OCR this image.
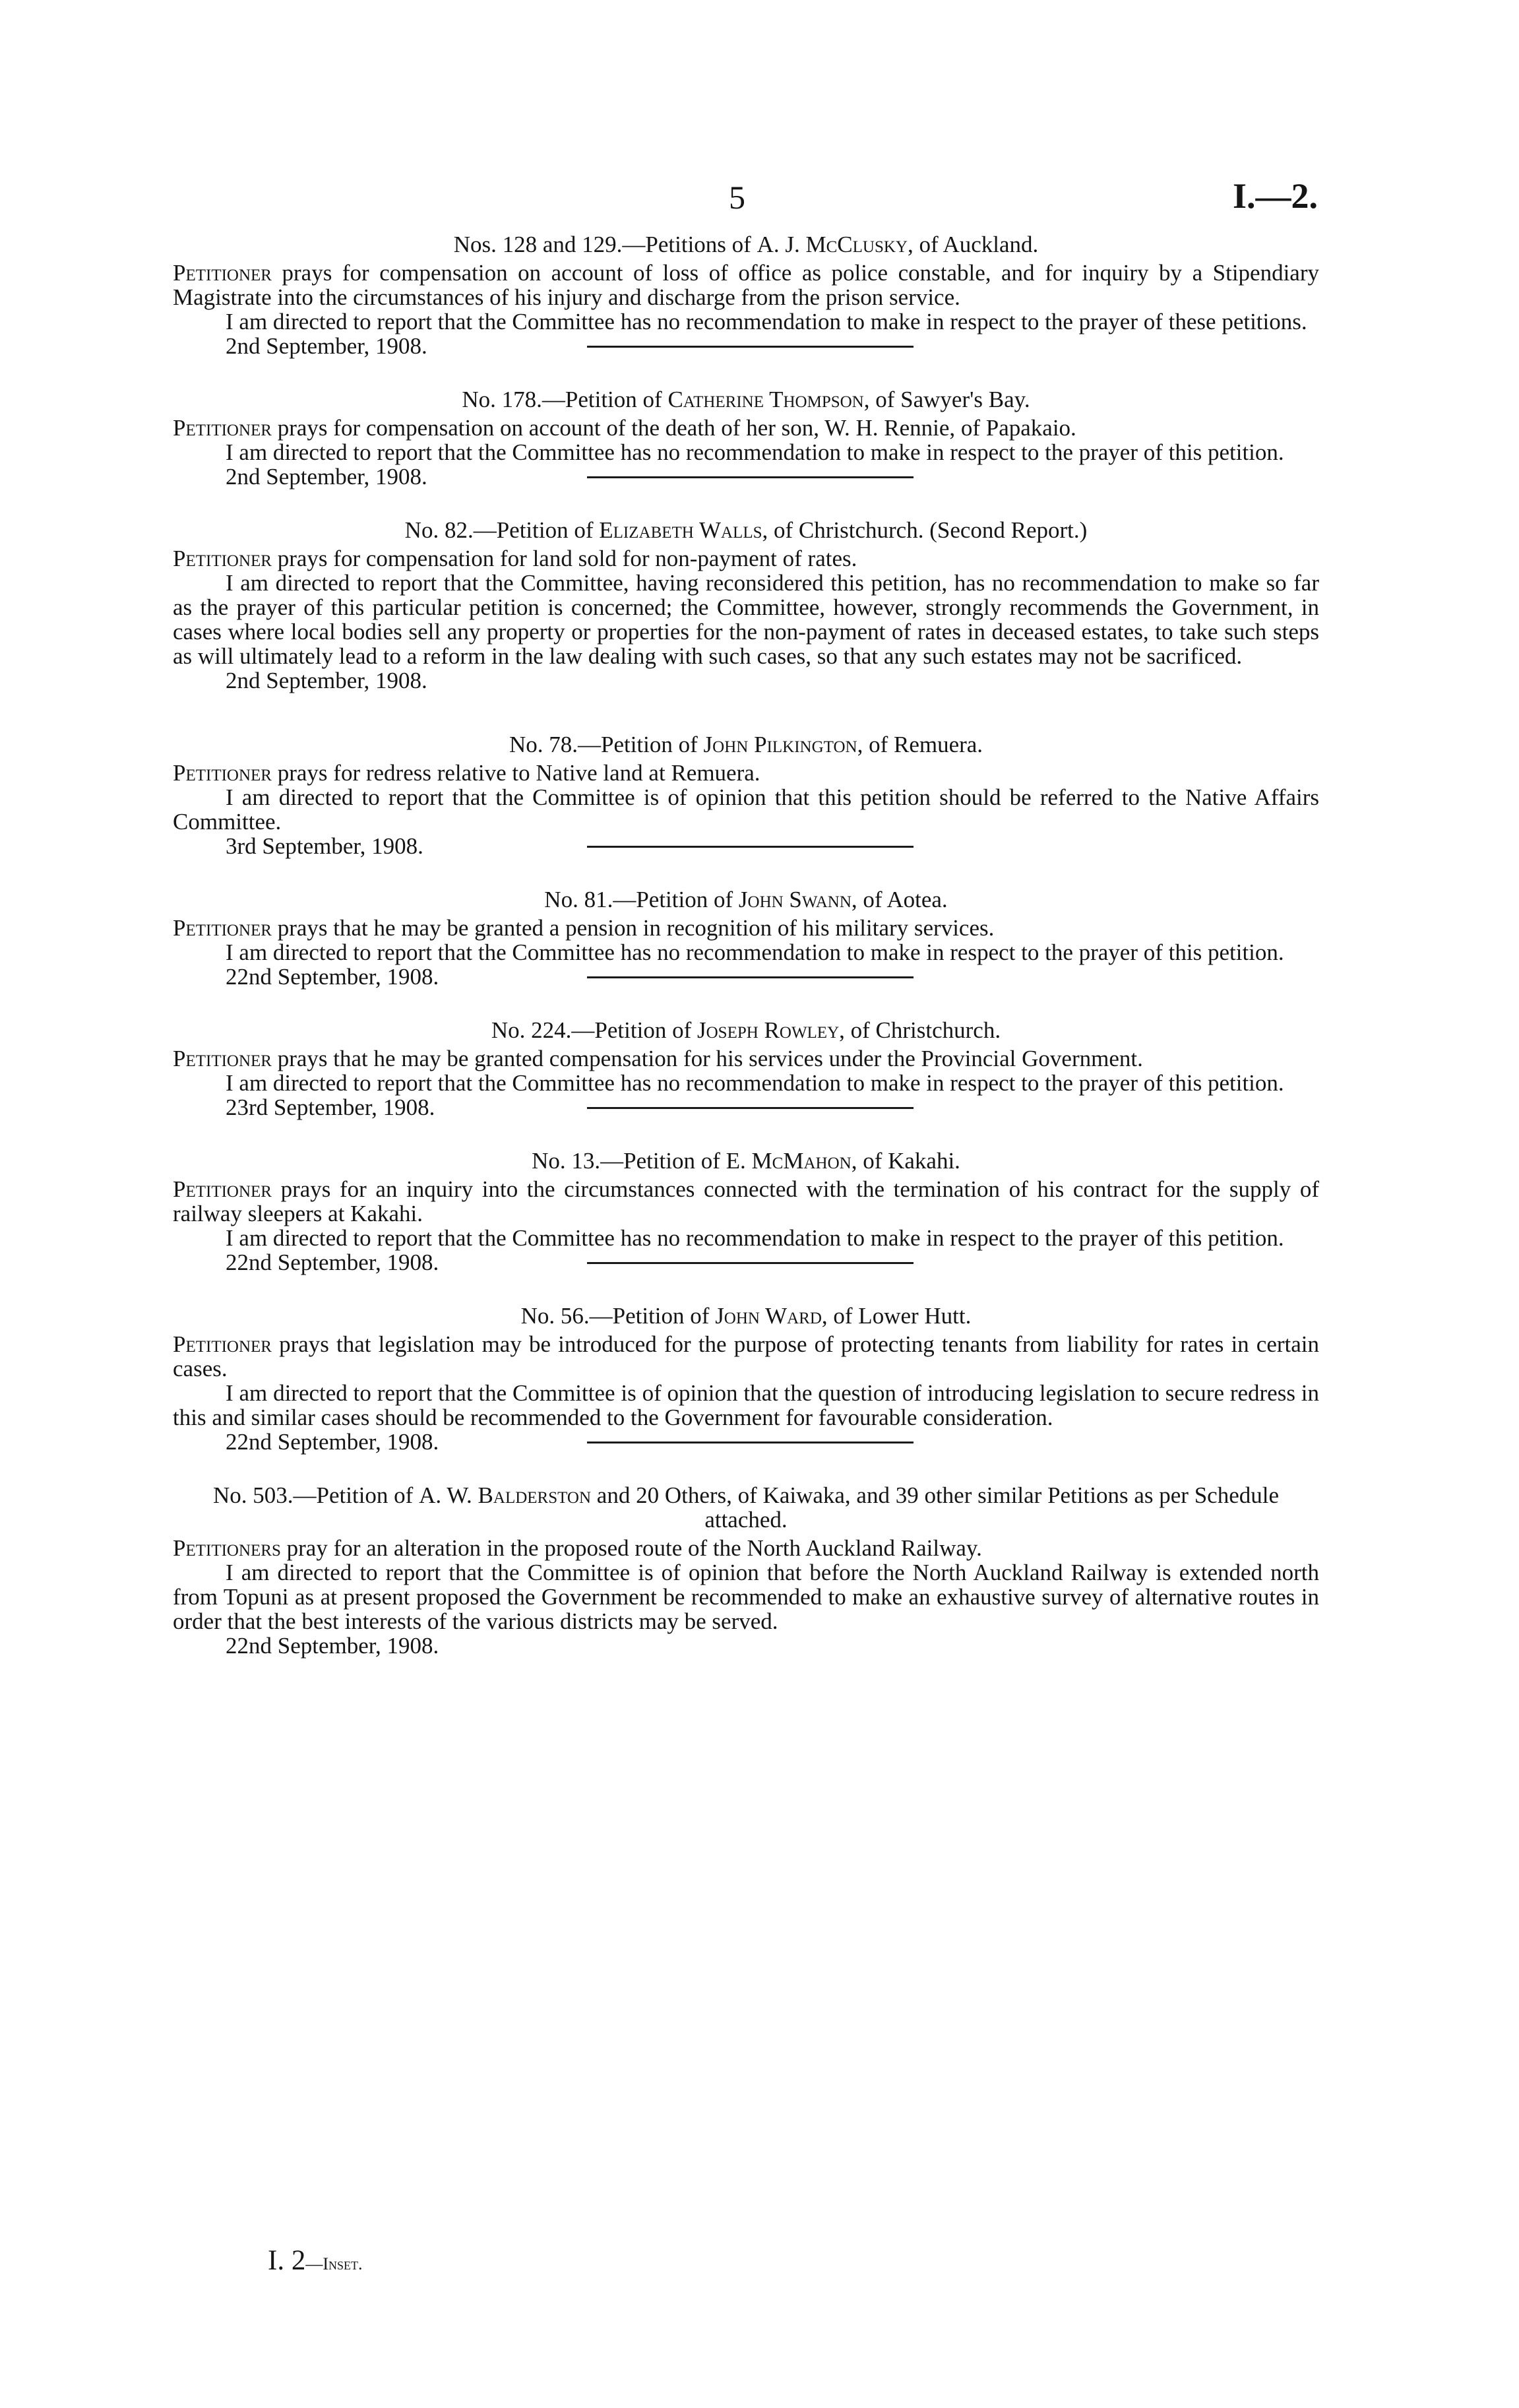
5	I.—2.
Nos. 128 and 129.—Petitions of A. J. McClusky, of Auckland.

Petitioner prays for compensation on account of loss of office as police constable, and for inquiry by a Stipendiary Magistrate into the circumstances of his injury and discharge from the prison service.

I am directed to report that the Committee has no recommendation to make in respect to the prayer of these petitions.

2nd September, 1908.
No. 178.—Petition of Catherine Thompson, of Sawyer's Bay.

Petitioner prays for compensation on account of the death of her son, W. H. Rennie, of Papakaio.

I am directed to report that the Committee has no recommendation to make in respect to the prayer of this petition.

2nd September, 1908.
No. 82.—Petition of Elizabeth Walls, of Christchurch. (Second Report.)

Petitioner prays for compensation for land sold for non-payment of rates.

I am directed to report that the Committee, having reconsidered this petition, has no recommendation to make so far as the prayer of this particular petition is concerned; the Committee, however, strongly recommends the Government, in cases where local bodies sell any property or properties for the non-payment of rates in deceased estates, to take such steps as will ultimately lead to a reform in the law dealing with such cases, so that any such estates may not be sacrificed.

2nd September, 1908.
No. 78.—Petition of John Pilkington, of Remuera.

Petitioner prays for redress relative to Native land at Remuera.

I am directed to report that the Committee is of opinion that this petition should be referred to the Native Affairs Committee.

3rd September, 1908.
No. 81.—Petition of John Swann, of Aotea.

Petitioner prays that he may be granted a pension in recognition of his military services.

I am directed to report that the Committee has no recommendation to make in respect to the prayer of this petition.

22nd September, 1908.
No. 224.—Petition of Joseph Rowley, of Christchurch.

Petitioner prays that he may be granted compensation for his services under the Provincial Government.

I am directed to report that the Committee has no recommendation to make in respect to the prayer of this petition.

23rd September, 1908.
No. 13.—Petition of E. McMahon, of Kakahi.

Petitioner prays for an inquiry into the circumstances connected with the termination of his contract for the supply of railway sleepers at Kakahi.

I am directed to report that the Committee has no recommendation to make in respect to the prayer of this petition.

22nd September, 1908.
No. 56.—Petition of John Ward, of Lower Hutt.

Petitioner prays that legislation may be introduced for the purpose of protecting tenants from liability for rates in certain cases.

I am directed to report that the Committee is of opinion that the question of introducing legislation to secure redress in this and similar cases should be recommended to the Government for favourable consideration.

22nd September, 1908.
No. 503.—Petition of A. W. Balderston and 20 Others, of Kaiwaka, and 39 other similar Petitions as per Schedule attached.

Petitioners pray for an alteration in the proposed route of the North Auckland Railway.

I am directed to report that the Committee is of opinion that before the North Auckland Railway is extended north from Topuni as at present proposed the Government be recommended to make an exhaustive survey of alternative routes in order that the best interests of the various districts may be served.

22nd September, 1908.
I. 2—Inset.
